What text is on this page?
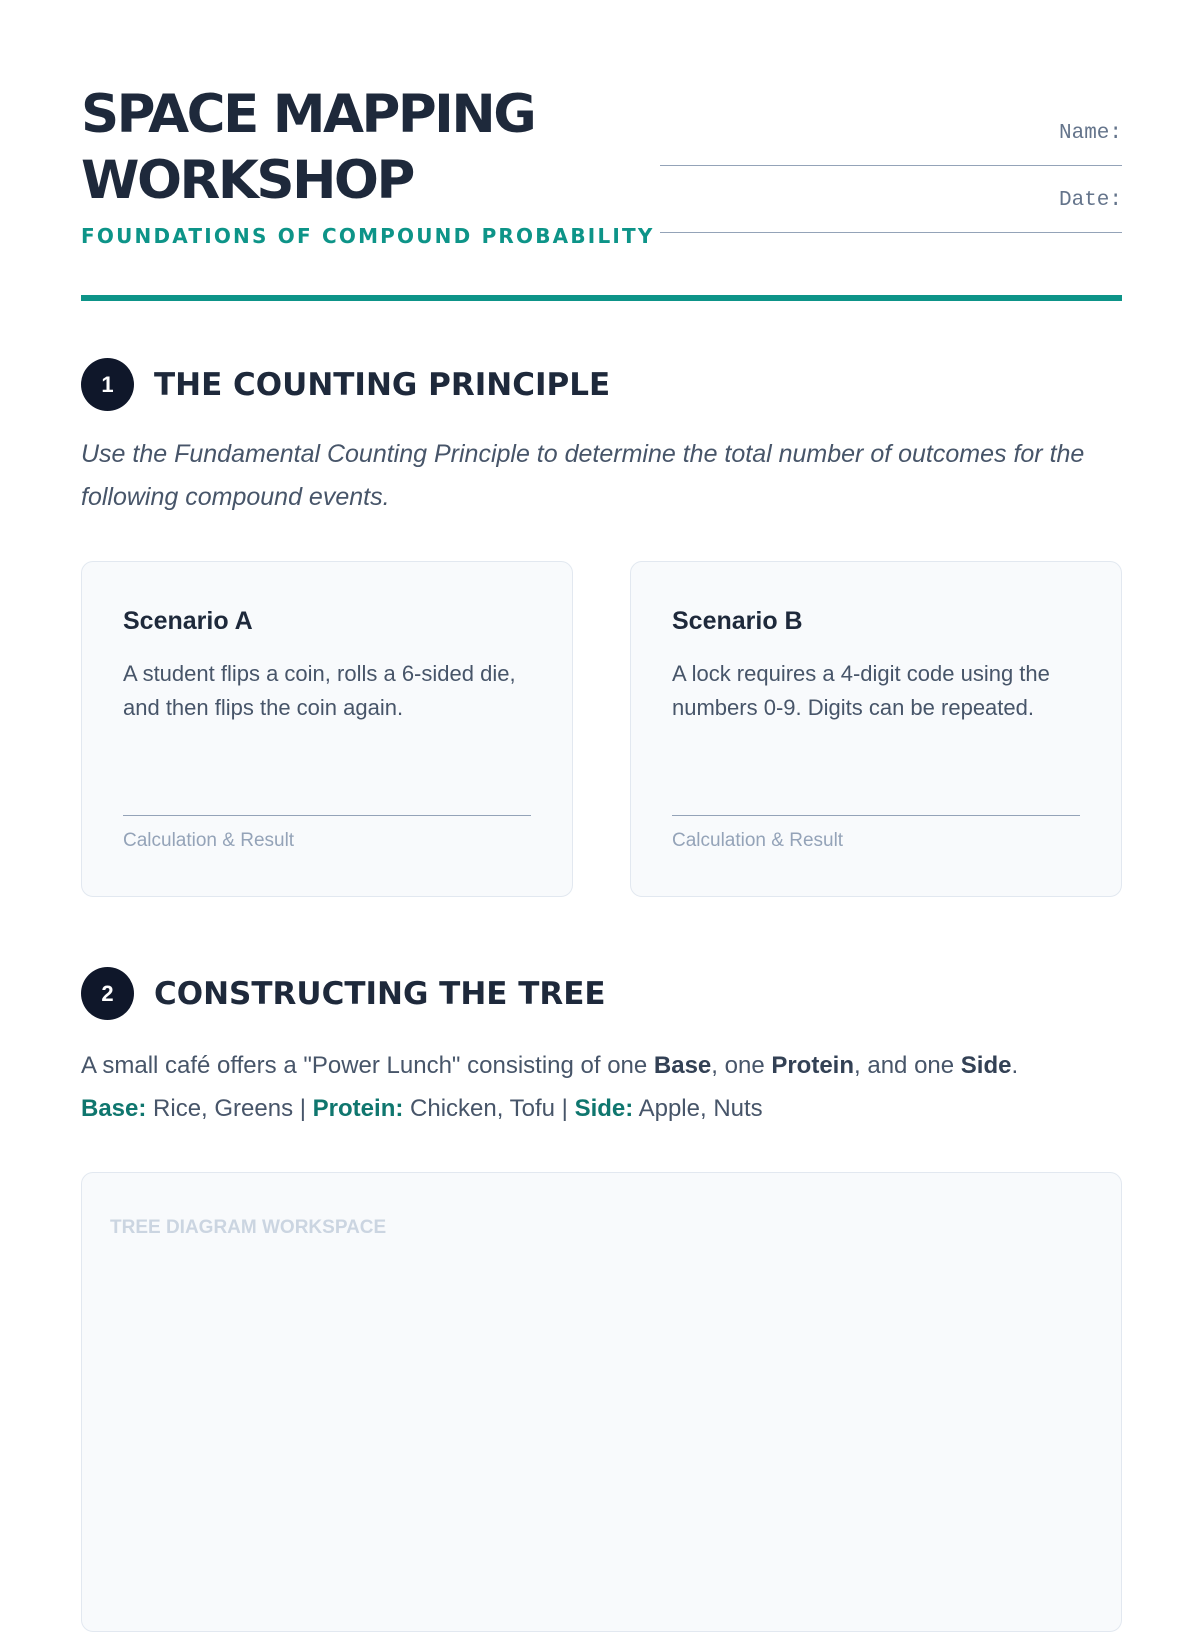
SPACE MAPPING
WORKSHOP
FOUNDATIONS OF COMPOUND PROBABILITY
Name:
Date:
1	THE COUNTING PRINCIPLE

Use the Fundamental Counting Principle to determine the total number of outcomes for the following compound events.

Scenario A

A student flips a coin, rolls a 6-sided die, and then flips the coin again.

Calculation & Result
Scenario B

A lock requires a 4-digit code using the numbers 0-9. Digits can be repeated.

Calculation & Result
2	CONSTRUCTING THE TREE

A small café offers a "Power Lunch" consisting of one Base, one Protein, and one Side.
Base: Rice, Greens | Protein: Chicken, Tofu | Side: Apple, Nuts

TREE DIAGRAM WORKSPACE
